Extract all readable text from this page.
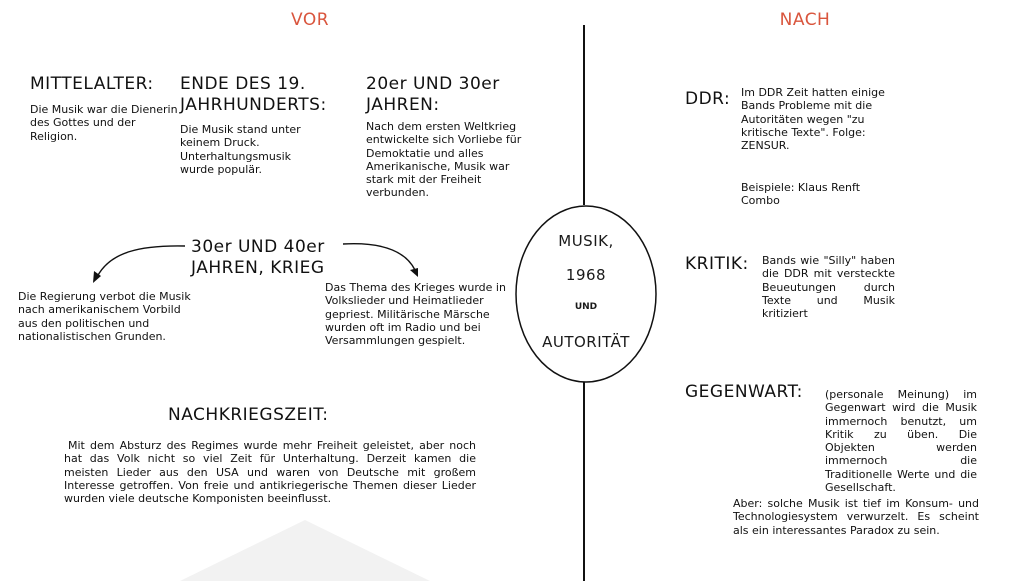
VOR	NACH
MITTELALTER:
Die Musik war die Dienerin des Gottes und der Religion.
ENDE DES 19. JAHRHUNDERTS:
Die Musik stand unter keinem Druck. Unterhaltungsmusik wurde populär.
20er UND 30er JAHREN:
Nach dem ersten Weltkrieg entwickelte sich Vorliebe für Demoktatie und alles Amerikanische, Musik war stark mit der Freiheit verbunden.
30er UND 40er JAHREN, KRIEG
Die Regierung verbot die Musik nach amerikanischem Vorbild aus den politischen und nationalistischen Grunden.
Das Thema des Krieges wurde in Volkslieder und Heimatlieder gepriest. Militärische Märsche wurden oft im Radio und bei Versammlungen gespielt.
NACHKRIEGSZEIT:
Mit dem Absturz des Regimes wurde mehr Freiheit geleistet, aber noch hat das Volk nicht so viel Zeit für Unterhaltung. Derzeit kamen die meisten Lieder aus den USA und waren von Deutsche mit großem Interesse getroffen. Von freie und antikriegerische Themen dieser Lieder wurden viele deutsche Komponisten beeinflusst.
MUSIK,
1968
UND
AUTORITÄT
DDR: Im DDR Zeit hatten einige Bands Probleme mit die Autoritäten wegen "zu kritische Texte". Folge: ZENSUR.
Beispiele: Klaus Renft Combo
KRITIK:	Bands wie "Silly" haben die DDR mit versteckte Beueutungen durch Texte und Musik kritiziert
GEGENWART:	(personale Meinung) im Gegenwart wird die Musik immernoch benutzt, um Kritik zu üben. Die Objekten werden immernoch die Traditionelle Werte und die Gesellschaft.
Aber: solche Musik ist tief im Konsum- und Technologiesystem verwurzelt. Es scheint als ein interessantes Paradox zu sein.
